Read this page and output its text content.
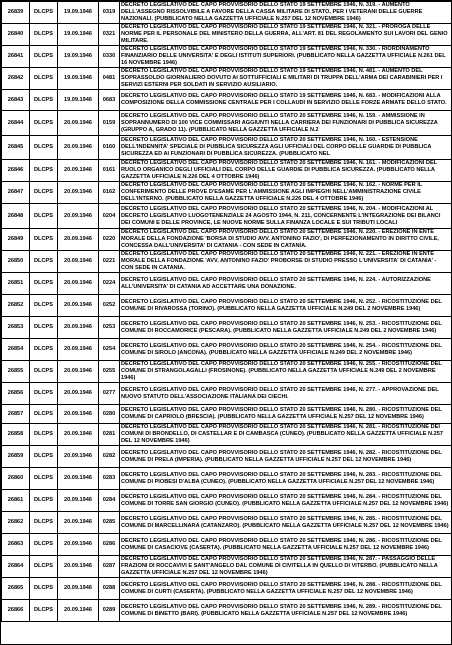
26839	DLCPS	19.09.1946	0319	DECRETO LEGISLATIVO DEL CAPO PROVVISORIO DELLO STATO 19 SETTEMBRE 1946, N. 319. - AUMENTO DELL'ASSEGNO RISSOLVIBILE A FAVORE DELLA CASSA MILITARE DI STATO, PER I VETERANI DELLE GUERRE NAZIONALI. (PUBBLICATO NELLA GAZZETTA UFFICIALE N.257 DEL 12 NOVEMBRE 1946)
26840	DLCPS	19.09.1946	0321	DECRETO LEGISLATIVO DEL CAPO PROVVISORIO DELLO STATO 19 SETTEMBRE 1946, N. 321. - PROROGA DELLE NORME PER IL PERSONALE DEL MINISTERO DELLA GUERRA, ALL'ART. 81 DEL REGOLAMENTO SUI LAVORI DEL GENIO MILITARE.
26841	DLCPS	19.09.1946	0330	DECRETO LEGISLATIVO DEL CAPO PROVVISORIO DELLO STATO 19 SETTEMBRE 1946, N. 330. - RIORDINAMENTO FINANZIARIO DELLE UNIVERSITA' E DEGLI ISTITUTI SUPERIORI. (PUBBLICATO NELLA GAZZETTA UFFICIALE N.261 DEL 16 NOVEMBRE 1946)
26842	DLCPS	19.09.1946	0481	DECRETO LEGISLATIVO DEL CAPO PROVVISORIO DELLO STATO 19 SETTEMBRE 1946, N. 481. - AUMENTO DEL SOPRASSOLDO GIORNALIERO DOVUTO AI SOTTUFFICIALI E MILITARI DI TRUPPA DELL'ARMA DEI CARABINIERI PER I SERVIZI ESTERNI PER SOLDATI IN SERVIZIO AUSILIARIO.
26843	DLCPS	19.09.1946	0683	DECRETO LEGISLATIVO DEL CAPO PROVVISORIO DELLO STATO 19 SETTEMBRE 1946, N. 683. - MODIFICAZIONI ALLA COMPOSIZIONE DELLA COMMISSIONE CENTRALE PER I COLLAUDI IN SERVIZIO DELLE FORZE ARMATE DELLO STATO.
26844	DLCPS	20.09.1946	0159	DECRETO LEGISLATIVO DEL CAPO PROVVISORIO DELLO STATO 20 SETTEMBRE 1946, N. 159. - AMMISSIONE IN SOPRANNUMERO DI 100 VICE COMMISSARI AGGIUNTI NELLA CARRIERA DEI FUNZIONARI DI PUBBLICA SICUREZZA (GRUPPO A, GRADO 11). (PUBBLICATO NELLA GAZZETTA UFFICIALE N.2
26845	DLCPS	20.09.1946	0160	DECRETO LEGISLATIVO DEL CAPO PROVVISORIO DELLO STATO 20 SETTEMBRE 1946, N. 160. - ESTENSIONE DELL'INDENNITA' SPECIALE DI PUBBLICA SICUREZZA AGLI UFFICIALI DEL CORPO DELLE GUARDIE DI PUBBLICA SICUREZZA ED AI FUNZIONARI DI PUBBLICA SICUREZZA. (PUBBLICATO NEL
26846	DLCPS	20.09.1946	0161	DECRETO LEGISLATIVO DEL CAPO PROVVISORIO DELLO STATO 20 SETTEMBRE 1946, N. 161. - MODIFICAZIONI DEL RUOLO ORGANICO DEGLI UFFICIALI DEL CORPO DELLE GUARDIE DI PUBBLICA SICUREZZA. (PUBBLICATO NELLA GAZZETTA UFFICIALE N.226 DEL 4 OTTOBRE 1946)
26847	DLCPS	20.09.1946	0162	DECRETO LEGISLATIVO DEL CAPO PROVVISORIO DELLO STATO 20 SETTEMBRE 1946, N. 162. - NORME PER IL CONFERIMENTO DELLE PROVE D'ESAME PER L'AMMISSIONE AGLI IMPIEGHI NELL'AMMINISTRAZIONE CIVILE DELL'INTERNO. (PUBBLICATO NELLA GAZZETTA UFFICIALE N.226 DEL 4 OTTOBRE 1946)
26848	DLCPS	20.09.1946	0204	DECRETO LEGISLATIVO DEL CAPO PROVVISORIO DELLO STATO 20 SETTEMBRE 1946, N. 204. - MODIFICAZIONI AL DECRETO LEGISLATIVO LUOGOTENENZIALE 24 AGOSTO 1944, N. 211, CONCERNENTE L'INTEGRAZIONE DEI BILANCI DEI COMUNI E DELLE PROVINCE, LE NUOVE NORME SULLA FINANZA LOCALE E SUI TRIBUTI LOCALI
26849	DLCPS	20.09.1946	0220	DECRETO LEGISLATIVO DEL CAPO PROVVISORIO DELLO STATO 20 SETTEMBRE 1946, N. 220. - EREZIONE IN ENTE MORALE DELLA FONDAZIONE 'BORSA DI STUDIO AVV. ANTONINO FAZIO', DI PERFEZIONAMENTO IN DIRITTO CIVILE, CONCESSA DALL'UNIVERSITA' DI CATANIA - CON SEDE IN CATANIA.
26850	DLCPS	20.09.1946	0221	DECRETO LEGISLATIVO DEL CAPO PROVVISORIO DELLO STATO 20 SETTEMBRE 1946, N. 221. - EREZIONE IN ENTE MORALE DELLA FONDAZIONE 'AVV. ANTONINO FAZIO' PROBORSE DI STUDIO PRESSO L'UNIVERSITA' DI CATANIA' - CON SEDE IN CATANIA.
26851	DLCPS	20.09.1946	0224	DECRETO LEGISLATIVO DEL CAPO PROVVISORIO DELLO STATO 20 SETTEMBRE 1946, N. 224. - AUTORIZZAZIONE ALL'UNIVERSITA' DI CATANIA AD ACCETTARE UNA DONAZIONE.
26852	DLCPS	20.09.1946	0252	DECRETO LEGISLATIVO DEL CAPO PROVVISORIO DELLO STATO 20 SETTEMBRE 1946, N. 252. - RICOSTITUZIONE DEL COMUNE DI RIVAROSSA (TORINO). (PUBBLICATO NELLA GAZZETTA UFFICIALE N.249 DEL 2 NOVEMBRE 1946)
26853	DLCPS	20.09.1946	0253	DECRETO LEGISLATIVO DEL CAPO PROVVISORIO DELLO STATO 20 SETTEMBRE 1946, N. 253. - RICOSTITUZIONE DEL COMUNE DI ROCCAMORICE (PESCARA). (PUBBLICATO NELLA GAZZETTA UFFICIALE N.249 DEL 2 NOVEMBRE 1946)
26854	DLCPS	20.09.1946	0254	DECRETO LEGISLATIVO DEL CAPO PROVVISORIO DELLO STATO 20 SETTEMBRE 1946, N. 254. - RICOSTITUZIONE DEL COMUNE DI SIROLO (ANCONA). (PUBBLICATO NELLA GAZZETTA UFFICIALE N.249 DEL 2 NOVEMBRE 1946)
26855	DLCPS	20.09.1946	0255	DECRETO LEGISLATIVO DEL CAPO PROVVISORIO DELLO STATO 20 SETTEMBRE 1946, N. 255. - RICOSTITUZIONE DEL COMUNE DI STRANGOLAGALLI (FROSINONE). (PUBBLICATO NELLA GAZZETTA UFFICIALE N.249 DEL 2 NOVEMBRE 1946)
26856	DLCPS	20.09.1946	0277	DECRETO LEGISLATIVO DEL CAPO PROVVISORIO DELLO STATO 20 SETTEMBRE 1946, N. 277. - APPROVAZIONE DEL NUOVO STATUTO DELL'ASSOCIAZIONE ITALIANA DEI CIECHI.
26857	DLCPS	20.09.1946	0280	DECRETO LEGISLATIVO DEL CAPO PROVVISORIO DELLO STATO 20 SETTEMBRE 1946, N. 280. - RICOSTITUZIONE DEL COMUNE DI CAPRIOLO (BRESCIA). (PUBBLICATO NELLA GAZZETTA UFFICIALE N.257 DEL 12 NOVEMBRE 1946)
26858	DLCPS	20.09.1946	0281	DECRETO LEGISLATIVO DEL CAPO PROVVISORIO DELLO STATO 20 SETTEMBRE 1946, N. 281. - RICOSTITUZIONE DEI COMUNI DI BRONDELLO, DI CASTELLAR E DI CAMBASCA (CUNEO). (PUBBLICATO NELLA GAZZETTA UFFICIALE N.257 DEL 12 NOVEMBRE 1946)
26859	DLCPS	20.09.1946	0282	DECRETO LEGISLATIVO DEL CAPO PROVVISORIO DELLO STATO 20 SETTEMBRE 1946, N. 282. - RICOSTITUZIONE DEL COMUNE DI PRELA (IMPERIA). (PUBBLICATO NELLA GAZZETTA UFFICIALE N.257 DEL 12 NOVEMBRE 1946)
26860	DLCPS	20.09.1946	0283	DECRETO LEGISLATIVO DEL CAPO PROVVISORIO DELLO STATO 20 SETTEMBRE 1946, N. 283. - RICOSTITUZIONE DEL COMUNE DI PIOBESI D'ALBA (CUNEO). (PUBBLICATO NELLA GAZZETTA UFFICIALE N.257 DEL 12 NOVEMBRE 1946)
26861	DLCPS	20.09.1946	0284	DECRETO LEGISLATIVO DEL CAPO PROVVISORIO DELLO STATO 20 SETTEMBRE 1946, N. 284. - RICOSTITUZIONE DEL COMUNE DI TORRE SAN GIORGIO (CUNEO). (PUBBLICATO NELLA GAZZETTA UFFICIALE N.257 DEL 12 NOVEMBRE 1946)
26862	DLCPS	20.09.1946	0285	DECRETO LEGISLATIVO DEL CAPO PROVVISORIO DELLO STATO 20 SETTEMBRE 1946, N. 285. - RICOSTITUZIONE DEL COMUNE DI MARCELLINARA (CATANZARO). (PUBBLICATO NELLA GAZZETTA UFFICIALE N.257 DEL 12 NOVEMBRE 1946)
26863	DLCPS	20.09.1946	0286	DECRETO LEGISLATIVO DEL CAPO PROVVISORIO DELLO STATO 20 SETTEMBRE 1946, N. 286. - RICOSTITUZIONE DEL COMUNE DI CASACIOVE (CASERTA). (PUBBLICATO NELLA GAZZETTA UFFICIALE N.257 DEL 12 NOVEMBRE 1946)
26864	DLCPS	20.09.1946	0287	DECRETO LEGISLATIVO DEL CAPO PROVVISORIO DELLO STATO 20 SETTEMBRE 1946, N. 287. - PASSAGGIO DELLE FRAZIONI DI ROCCAVIVI E SANT'ANGELO DAL COMUNE DI CIVITELLA IN QUELLO DI VITERBO. (PUBBLICATO NELLA GAZZETTA UFFICIALE N.257 DEL 12 NOVEMBRE 1946)
26865	DLCPS	20.09.1946	0288	DECRETO LEGISLATIVO DEL CAPO PROVVISORIO DELLO STATO 20 SETTEMBRE 1946, N. 288. - RICOSTITUZIONE DEL COMUNE DI CURTI (CASERTA). (PUBBLICATO NELLA GAZZETTA UFFICIALE N.257 DEL 12 NOVEMBRE 1946)
26866	DLCPS	20.09.1946	0289	DECRETO LEGISLATIVO DEL CAPO PROVVISORIO DELLO STATO 20 SETTEMBRE 1946, N. 289. - RICOSTITUZIONE DEL COMUNE DI BINETTO (BARI). (PUBBLICATO NELLA GAZZETTA UFFICIALE N.257 DEL 12 NOVEMBRE 1946)
